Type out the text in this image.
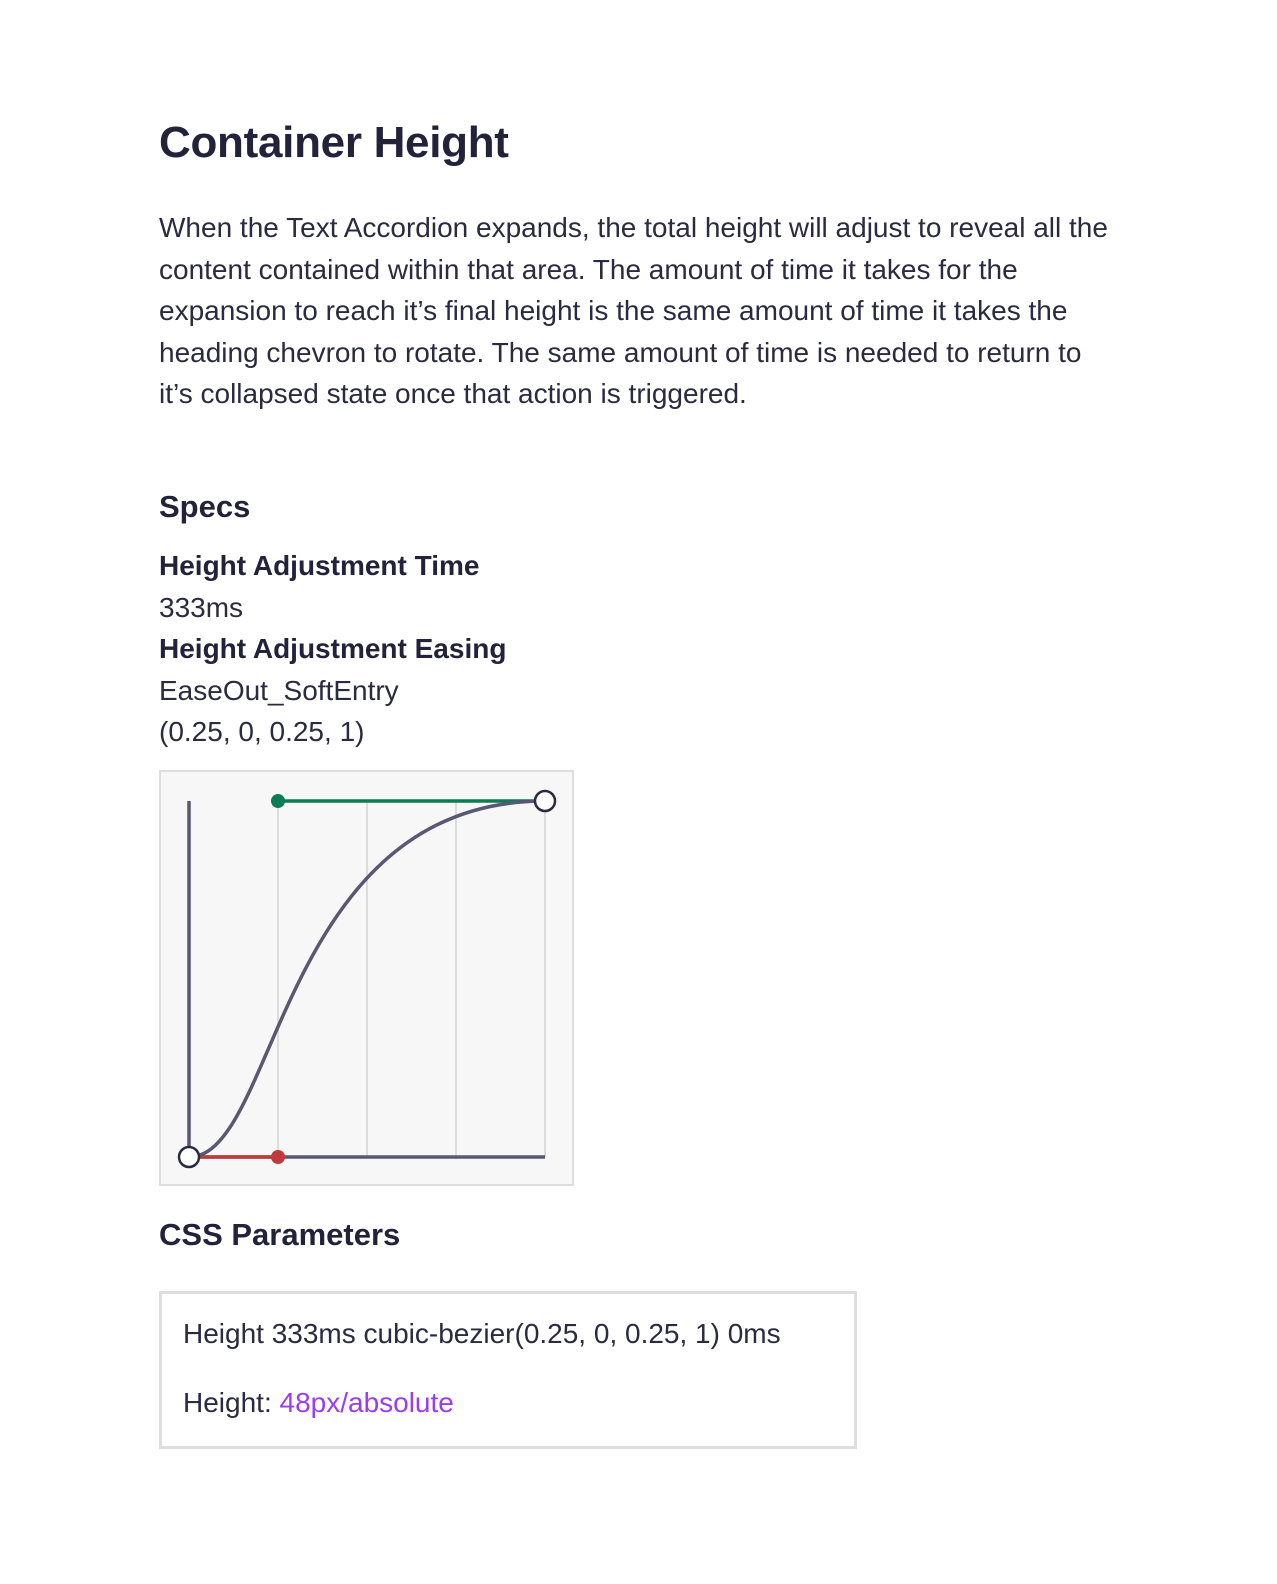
Container Height

When the Text Accordion expands, the total height will adjust to reveal all the content contained within that area. The amount of time it takes for the expansion to reach it’s final height is the same amount of time it takes the heading chevron to rotate. The same amount of time is needed to return to it’s collapsed state once that action is triggered.

Specs
Height Adjustment Time
333ms
Height Adjustment Easing
EaseOut_SoftEntry
(0.25, 0, 0.25, 1)
CSS Parameters
Height 333ms cubic-bezier(0.25, 0, 0.25, 1) 0ms
Height: 48px/absolute
